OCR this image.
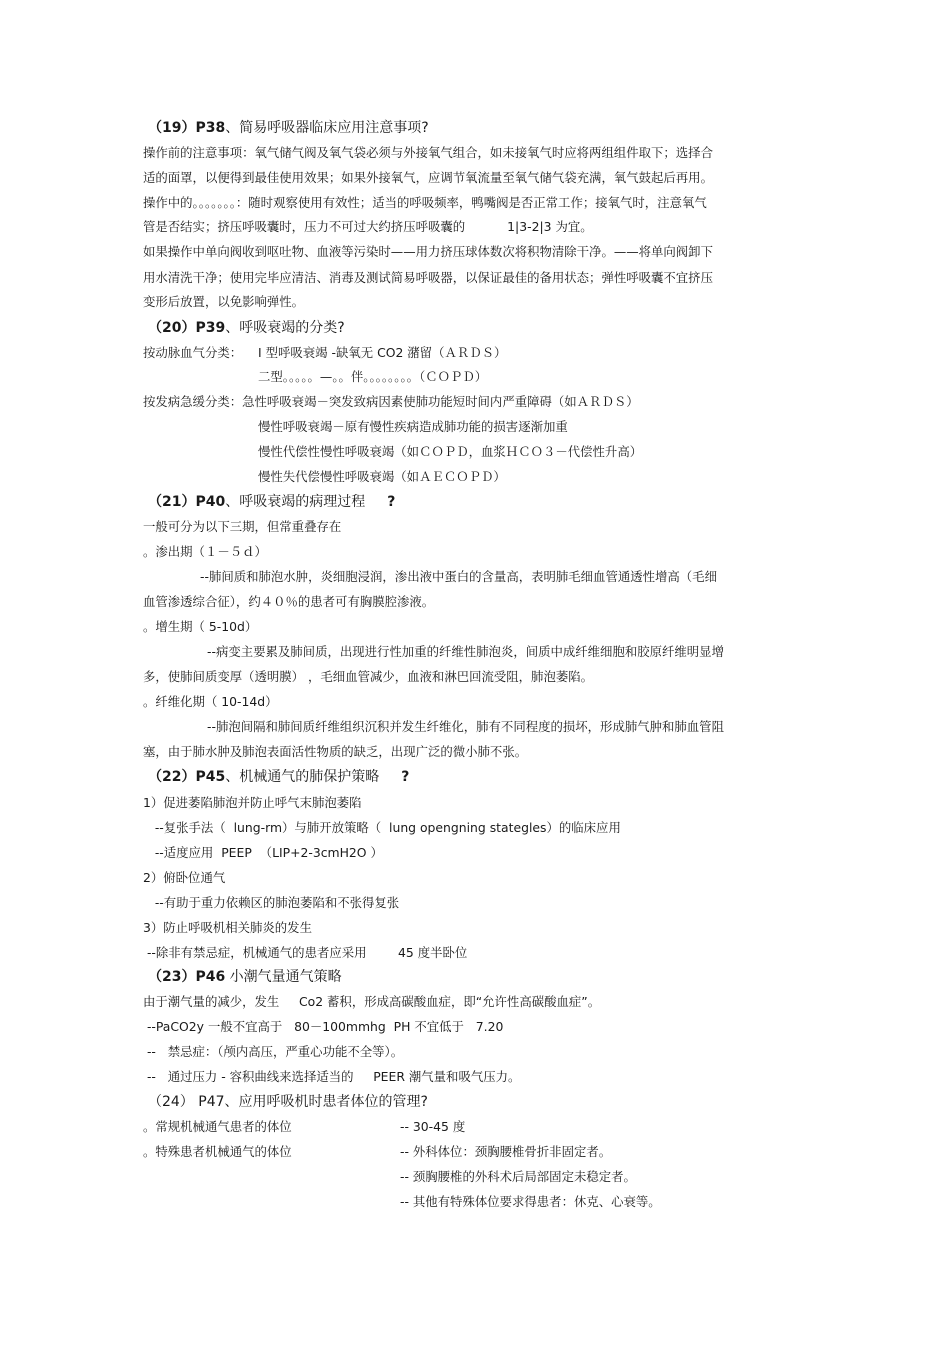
（19）P38、简易呼吸器临床应用注意事项?
操作前的注意事项：氧气储气阀及氧气袋必须与外接氧气组合，如未接氧气时应将两组组件取下；选择合
适的面罩，以便得到最佳使用效果；如果外接氧气，应调节氧流量至氧气储气袋充满，氧气鼓起后再用。
操作中的。。。。。。。：随时观察使用有效性；适当的呼吸频率，鸭嘴阀是否正常工作；接氧气时，注意氧气
管是否结实；挤压呼吸囊时，压力不可过大约挤压呼吸囊的	1|3-2|3 为宜。
如果操作中单向阀收到呕吐物、血液等污染时——用力挤压球体数次将积物清除干净。——将单向阀卸下
用水清洗干净；使用完毕应清洁、消毒及测试简易呼吸器，以保证最佳的备用状态；弹性呼吸囊不宜挤压
变形后放置，以免影响弹性。
（20）P39、呼吸衰竭的分类?
按动脉血气分类： I 型呼吸衰竭 -缺氧无 CO2 潴留（ＡＲＤＳ）
二型。。。。。—。。伴。。。。。。。。（ＣＯＰＤ）
按发病急缓分类：急性呼吸衰竭－突发致病因素使肺功能短时间内严重障碍（如ＡＲＤＳ）
慢性呼吸衰竭－原有慢性疾病造成肺功能的损害逐渐加重
慢性代偿性慢性呼吸衰竭（如ＣＯＰＤ，血浆ＨＣＯ３－代偿性升高）
慢性失代偿慢性呼吸衰竭（如ＡＥＣＯＰＤ）
（21）P40、呼吸衰竭的病理过程 ?
一般可分为以下三期，但常重叠存在
。渗出期（１－５ｄ）
--肺间质和肺泡水肿，炎细胞浸润，渗出液中蛋白的含量高，表明肺毛细血管通透性增高（毛细
血管渗透综合征），约４０％的患者可有胸膜腔渗液。
。增生期（ 5-10d）
--病变主要累及肺间质，出现进行性加重的纤维性肺泡炎，间质中成纤维细胞和胶原纤维明显增
多，使肺间质变厚（透明膜） ，毛细血管减少，血液和淋巴回流受阻，肺泡萎陷。
。纤维化期（ 10-14d）
--肺泡间隔和肺间质纤维组织沉积并发生纤维化，肺有不同程度的损坏，形成肺气肿和肺血管阻
塞，由于肺水肿及肺泡表面活性物质的缺乏，出现广泛的微小肺不张。
（22）P45、机械通气的肺保护策略 ?
1）促进萎陷肺泡并防止呼气末肺泡萎陷
--复张手法（  lung-rm）与肺开放策略（  lung opengning stategles）的临床应用
--适度应用  PEEP  （LIP+2-3cmH2O ）
2）俯卧位通气
--有助于重力依赖区的肺泡萎陷和不张得复张
3）防止呼吸机相关肺炎的发生
--除非有禁忌症，机械通气的患者应采用        45 度半卧位
（23）P46 小潮气量通气策略
由于潮气量的减少，发生     Co2 蓄积，形成高碳酸血症，即“允许性高碳酸血症”。
--PaCO2y 一般不宜高于   80－100mmhg  PH 不宜低于   7.20
--   禁忌症：（颅内高压，严重心功能不全等）。
--   通过压力 - 容积曲线来选择适当的     PEER 潮气量和吸气压力。
（24） P47、应用呼吸机时患者体位的管理?
。常规机械通气患者的体位	-- 30-45 度
。特殊患者机械通气的体位	-- 外科体位：颈胸腰椎骨折非固定者。
-- 颈胸腰椎的外科术后局部固定未稳定者。
-- 其他有特殊体位要求得患者：休克、心衰等。
